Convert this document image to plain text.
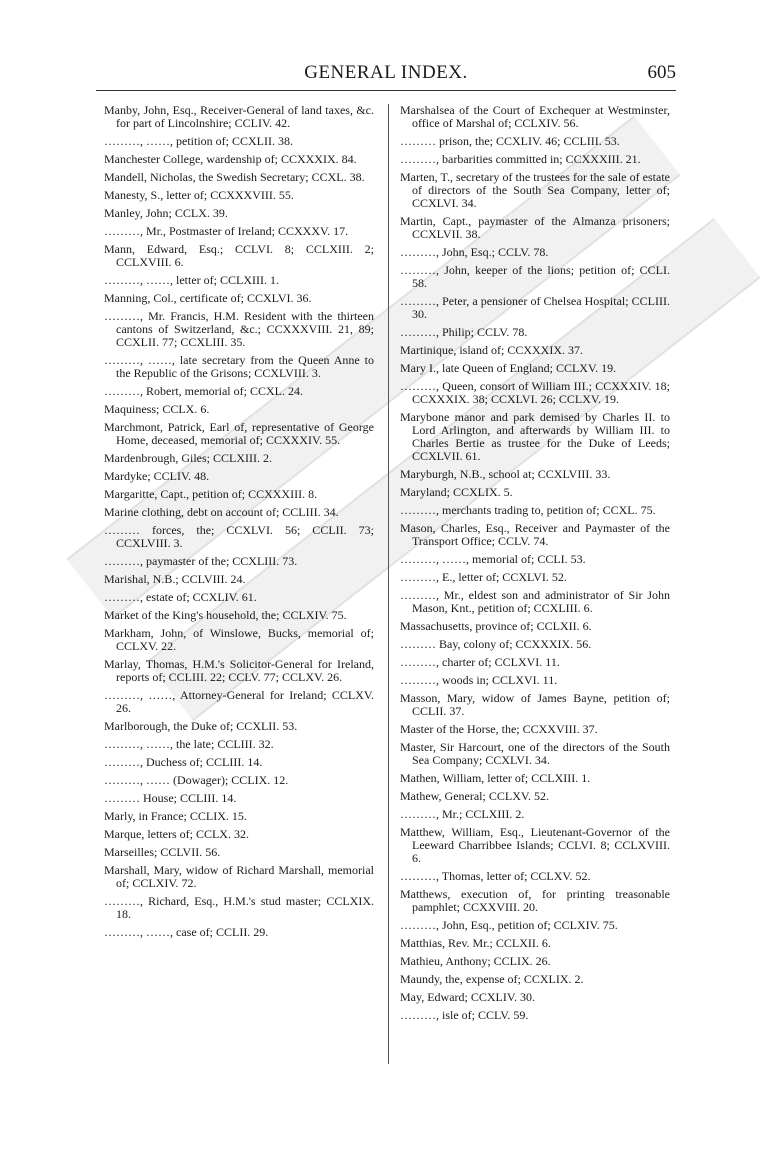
GENERAL INDEX.	605
Manby, John, Esq., Receiver-General of land taxes, &c. for part of Lincolnshire; CCLIV. 42.
………, ……, petition of; CCXLII. 38.
Manchester College, wardenship of; CCXXXIX. 84.
Mandell, Nicholas, the Swedish Secretary; CCXL. 38.
Manesty, S., letter of; CCXXXVIII. 55.
Manley, John; CCLX. 39.
………, Mr., Postmaster of Ireland; CCXXXV. 17.
Mann, Edward, Esq.; CCLVI. 8; CCLXIII. 2; CCLXVIII. 6.
………, ……, letter of; CCLXIII. 1.
Manning, Col., certificate of; CCXLVI. 36.
………, Mr. Francis, H.M. Resident with the thirteen cantons of Switzerland, &c.; CCXXXVIII. 21, 89; CCXLII. 77; CCXLIII. 35.
………, ……, late secretary from the Queen Anne to the Republic of the Grisons; CCXLVIII. 3.
………, Robert, memorial of; CCXL. 24.
Maquiness; CCLX. 6.
Marchmont, Patrick, Earl of, representative of George Home, deceased, memorial of; CCXXXIV. 55.
Mardenbrough, Giles; CCLXIII. 2.
Mardyke; CCLIV. 48.
Margaritte, Capt., petition of; CCXXXIII. 8.
Marine clothing, debt on account of; CCLIII. 34.
……… forces, the; CCXLVI. 56; CCLII. 73; CCXLVIII. 3.
………, paymaster of the; CCXLIII. 73.
Marishal, N.B.; CCLVIII. 24.
………, estate of; CCXLIV. 61.
Market of the King's household, the; CCLXIV. 75.
Markham, John, of Winslowe, Bucks, memorial of; CCLXV. 22.
Marlay, Thomas, H.M.'s Solicitor-General for Ireland, reports of; CCLIII. 22; CCLV. 77; CCLXV. 26.
………, ……, Attorney-General for Ireland; CCLXV. 26.
Marlborough, the Duke of; CCXLII. 53.
………, ……, the late; CCLIII. 32.
………, Duchess of; CCLIII. 14.
………, …… (Dowager); CCLIX. 12.
……… House; CCLIII. 14.
Marly, in France; CCLIX. 15.
Marque, letters of; CCLX. 32.
Marseilles; CCLVII. 56.
Marshall, Mary, widow of Richard Marshall, memorial of; CCLXIV. 72.
………, Richard, Esq., H.M.'s stud master; CCLXIX. 18.
………, ……, case of; CCLII. 29.
Marshalsea of the Court of Exchequer at Westminster, office of Marshal of; CCLXIV. 56.
……… prison, the; CCXLIV. 46; CCLIII. 53.
………, barbarities committed in; CCXXXIII. 21.
Marten, T., secretary of the trustees for the sale of estate of directors of the South Sea Company, letter of; CCXLVI. 34.
Martin, Capt., paymaster of the Almanza prisoners; CCXLVII. 38.
………, John, Esq.; CCLV. 78.
………, John, keeper of the lions; petition of; CCLI. 58.
………, Peter, a pensioner of Chelsea Hospital; CCLIII. 30.
………, Philip; CCLV. 78.
Martinique, island of; CCXXXIX. 37.
Mary I., late Queen of England; CCLXV. 19.
………, Queen, consort of William III.; CCXXXIV. 18; CCXXXIX. 38; CCXLVI. 26; CCLXV. 19.
Marybone manor and park demised by Charles II. to Lord Arlington, and afterwards by William III. to Charles Bertie as trustee for the Duke of Leeds; CCXLVII. 61.
Maryburgh, N.B., school at; CCXLVIII. 33.
Maryland; CCXLIX. 5.
………, merchants trading to, petition of; CCXL. 75.
Mason, Charles, Esq., Receiver and Paymaster of the Transport Office; CCLV. 74.
………, ……, memorial of; CCLI. 53.
………, E., letter of; CCXLVI. 52.
………, Mr., eldest son and administrator of Sir John Mason, Knt., petition of; CCXLIII. 6.
Massachusetts, province of; CCLXII. 6.
……… Bay, colony of; CCXXXIX. 56.
………, charter of; CCLXVI. 11.
………, woods in; CCLXVI. 11.
Masson, Mary, widow of James Bayne, petition of; CCLII. 37.
Master of the Horse, the; CCXXVIII. 37.
Master, Sir Harcourt, one of the directors of the South Sea Company; CCXLVI. 34.
Mathen, William, letter of; CCLXIII. 1.
Mathew, General; CCLXV. 52.
………, Mr.; CCLXIII. 2.
Matthew, William, Esq., Lieutenant-Governor of the Leeward Charribbee Islands; CCLVI. 8; CCLXVIII. 6.
………, Thomas, letter of; CCLXV. 52.
Matthews, execution of, for printing treasonable pamphlet; CCXXVIII. 20.
………, John, Esq., petition of; CCLXIV. 75.
Matthias, Rev. Mr.; CCLXII. 6.
Mathieu, Anthony; CCLIX. 26.
Maundy, the, expense of; CCXLIX. 2.
May, Edward; CCXLIV. 30.
………, isle of; CCLV. 59.
